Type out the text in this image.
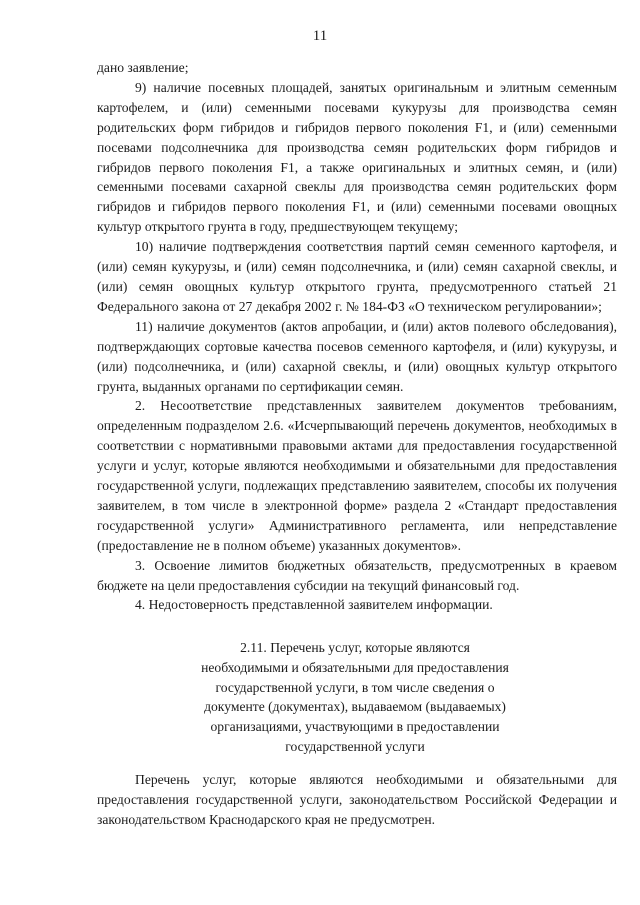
11

дано заявление;

9) наличие посевных площадей, занятых оригинальным и элитным семенным картофелем, и (или) семенными посевами кукурузы для производства семян родительских форм гибридов и гибридов первого поколения F1, и (или) семенными посевами подсолнечника для производства семян родительских форм гибридов и гибридов первого поколения F1, а также оригинальных и элитных семян, и (или) семенными посевами сахарной свеклы для производства семян родительских форм гибридов и гибридов первого поколения F1, и (или) семенными посевами овощных культур открытого грунта в году, предшествующем текущему;

10) наличие подтверждения соответствия партий семян семенного картофеля, и (или) семян кукурузы, и (или) семян подсолнечника, и (или) семян сахарной свеклы, и (или) семян овощных культур открытого грунта, предусмотренного статьей 21 Федерального закона от 27 декабря 2002 г. № 184-ФЗ «О техническом регулировании»;

11) наличие документов (актов апробации, и (или) актов полевого обследования), подтверждающих сортовые качества посевов семенного картофеля, и (или) кукурузы, и (или) подсолнечника, и (или) сахарной свеклы, и (или) овощных культур открытого грунта, выданных органами по сертификации семян.

2. Несоответствие представленных заявителем документов требованиям, определенным подразделом 2.6. «Исчерпывающий перечень документов, необходимых в соответствии с нормативными правовыми актами для предоставления государственной услуги и услуг, которые являются необходимыми и обязательными для предоставления государственной услуги, подлежащих представлению заявителем, способы их получения заявителем, в том числе в электронной форме» раздела 2 «Стандарт предоставления государственной услуги» Административного регламента, или непредставление (предоставление не в полном объеме) указанных документов».

3. Освоение лимитов бюджетных обязательств, предусмотренных в краевом бюджете на цели предоставления субсидии на текущий финансовый год.

4. Недостоверность представленной заявителем информации.

2.11. Перечень услуг, которые являются
необходимыми и обязательными для предоставления
государственной услуги, в том числе сведения о
документе (документах), выдаваемом (выдаваемых)
организациями, участвующими в предоставлении
государственной услуги

Перечень услуг, которые являются необходимыми и обязательными для предоставления государственной услуги, законодательством Российской Федерации и законодательством Краснодарского края не предусмотрен.
